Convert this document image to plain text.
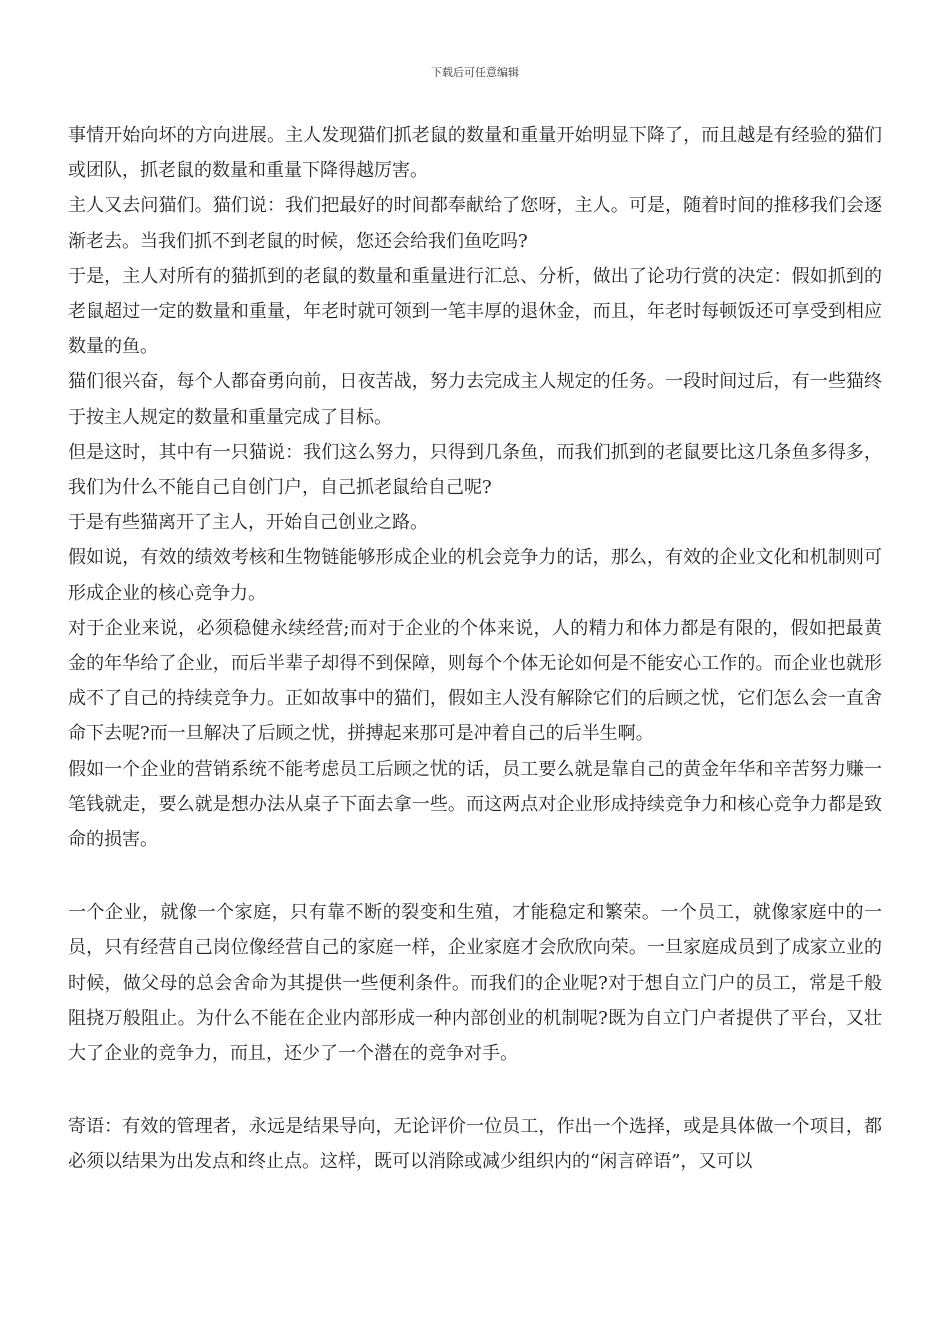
下载后可任意编辑

事情开始向坏的方向进展。主人发现猫们抓老鼠的数量和重量开始明显下降了，而且越是有经验的猫们或团队，抓老鼠的数量和重量下降得越厉害。

主人又去问猫们。猫们说：我们把最好的时间都奉献给了您呀，主人。可是，随着时间的推移我们会逐渐老去。当我们抓不到老鼠的时候，您还会给我们鱼吃吗?

于是，主人对所有的猫抓到的老鼠的数量和重量进行汇总、分析，做出了论功行赏的决定：假如抓到的老鼠超过一定的数量和重量，年老时就可领到一笔丰厚的退休金，而且，年老时每顿饭还可享受到相应数量的鱼。

猫们很兴奋，每个人都奋勇向前，日夜苦战，努力去完成主人规定的任务。一段时间过后，有一些猫终于按主人规定的数量和重量完成了目标。

但是这时，其中有一只猫说：我们这么努力，只得到几条鱼，而我们抓到的老鼠要比这几条鱼多得多，我们为什么不能自己自创门户，自己抓老鼠给自己呢?

于是有些猫离开了主人，开始自己创业之路。

假如说，有效的绩效考核和生物链能够形成企业的机会竞争力的话，那么，有效的企业文化和机制则可形成企业的核心竞争力。

对于企业来说，必须稳健永续经营;而对于企业的个体来说，人的精力和体力都是有限的，假如把最黄金的年华给了企业，而后半辈子却得不到保障，则每个个体无论如何是不能安心工作的。而企业也就形成不了自己的持续竞争力。正如故事中的猫们，假如主人没有解除它们的后顾之忧，它们怎么会一直舍命下去呢?而一旦解决了后顾之忧，拼搏起来那可是冲着自己的后半生啊。

假如一个企业的营销系统不能考虑员工后顾之忧的话，员工要么就是靠自己的黄金年华和辛苦努力赚一笔钱就走，要么就是想办法从桌子下面去拿一些。而这两点对企业形成持续竞争力和核心竞争力都是致命的损害。

一个企业，就像一个家庭，只有靠不断的裂变和生殖，才能稳定和繁荣。一个员工，就像家庭中的一员，只有经营自己岗位像经营自己的家庭一样，企业家庭才会欣欣向荣。一旦家庭成员到了成家立业的时候，做父母的总会舍命为其提供一些便利条件。而我们的企业呢?对于想自立门户的员工，常是千般阻挠万般阻止。为什么不能在企业内部形成一种内部创业的机制呢?既为自立门户者提供了平台，又壮大了企业的竞争力，而且，还少了一个潜在的竞争对手。

寄语：有效的管理者，永远是结果导向，无论评价一位员工，作出一个选择，或是具体做一个项目，都必须以结果为出发点和终止点。这样，既可以消除或减少组织内的“闲言碎语”，又可以
